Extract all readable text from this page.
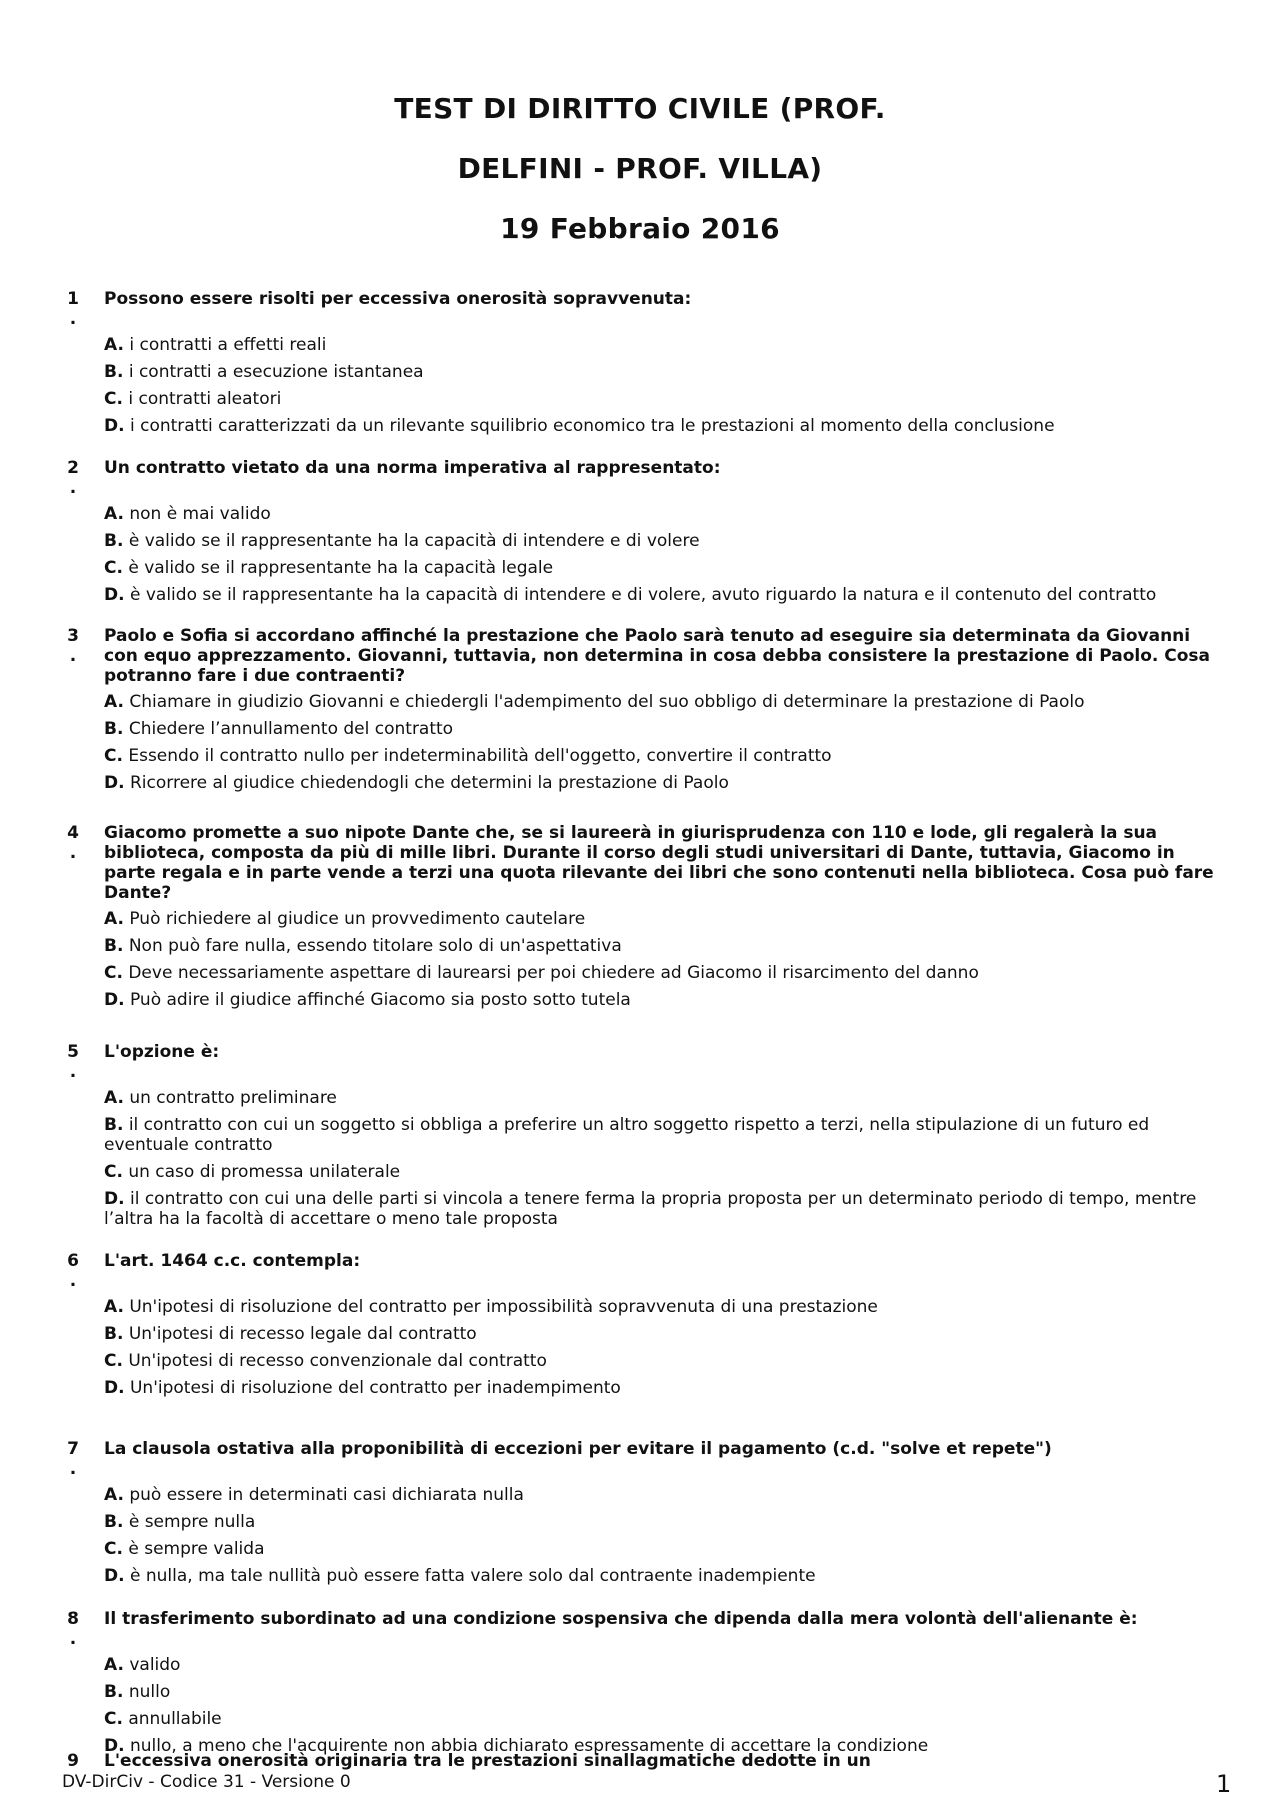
TEST DI DIRITTO CIVILE (PROF.
DELFINI - PROF. VILLA)
19 Febbraio 2016
1
.
Possono essere risolti per eccessiva onerosità sopravvenuta:
A. i contratti a effetti reali
B. i contratti a esecuzione istantanea
C. i contratti aleatori
D. i contratti caratterizzati da un rilevante squilibrio economico tra le prestazioni al momento della conclusione
2
.
Un contratto vietato da una norma imperativa al rappresentato:
A. non è mai valido
B. è valido se il rappresentante ha la capacità di intendere e di volere
C. è valido se il rappresentante ha la capacità legale
D. è valido se il rappresentante ha la capacità di intendere e di volere, avuto riguardo la natura e il contenuto del contratto
3
.
Paolo e Sofia si accordano affinché la prestazione che Paolo sarà tenuto ad eseguire sia determinata da Giovanni con equo apprezzamento. Giovanni, tuttavia, non determina in cosa debba consistere la prestazione di Paolo. Cosa potranno fare i due contraenti?
A. Chiamare in giudizio Giovanni e chiedergli l'adempimento del suo obbligo di determinare la prestazione di Paolo
B. Chiedere l’annullamento del contratto
C. Essendo il contratto nullo per indeterminabilità dell'oggetto, convertire il contratto
D. Ricorrere al giudice chiedendogli che determini la prestazione di Paolo
4
.
Giacomo promette a suo nipote Dante che, se si laureerà in giurisprudenza con 110 e lode, gli regalerà la sua biblioteca, composta da più di mille libri. Durante il corso degli studi universitari di Dante, tuttavia, Giacomo in parte regala e in parte vende a terzi una quota rilevante dei libri che sono contenuti nella biblioteca. Cosa può fare Dante?
A. Può richiedere al giudice un provvedimento cautelare
B. Non può fare nulla, essendo titolare solo di un'aspettativa
C. Deve necessariamente aspettare di laurearsi per poi chiedere ad Giacomo il risarcimento del danno
D. Può adire il giudice affinché Giacomo sia posto sotto tutela
5
.
L'opzione è:
A. un contratto preliminare
B. il contratto con cui un soggetto si obbliga a preferire un altro soggetto rispetto a terzi, nella stipulazione di un futuro ed eventuale contratto
C. un caso di promessa unilaterale
D. il contratto con cui una delle parti si vincola a tenere ferma la propria proposta per un determinato periodo di tempo, mentre l’altra ha la facoltà di accettare o meno tale proposta
6
.
L'art. 1464 c.c. contempla:
A. Un'ipotesi di risoluzione del contratto per impossibilità sopravvenuta di una prestazione
B. Un'ipotesi di recesso legale dal contratto
C. Un'ipotesi di recesso convenzionale dal contratto
D. Un'ipotesi di risoluzione del contratto per inadempimento
7
.
La clausola ostativa alla proponibilità di eccezioni per evitare il pagamento (c.d. "solve et repete")
A. può essere in determinati casi dichiarata nulla
B. è sempre nulla
C. è sempre valida
D. è nulla, ma tale nullità può essere fatta valere solo dal contraente inadempiente
8
.
Il trasferimento subordinato ad una condizione sospensiva che dipenda dalla mera volontà dell'alienante è:
A. valido
B. nullo
C. annullabile
D. nullo, a meno che l'acquirente non abbia dichiarato espressamente di accettare la condizione
9 L'eccessiva onerosità originaria tra le prestazioni sinallagmatiche dedotte in un
DV-DirCiv - Codice 31 - Versione 0	1
